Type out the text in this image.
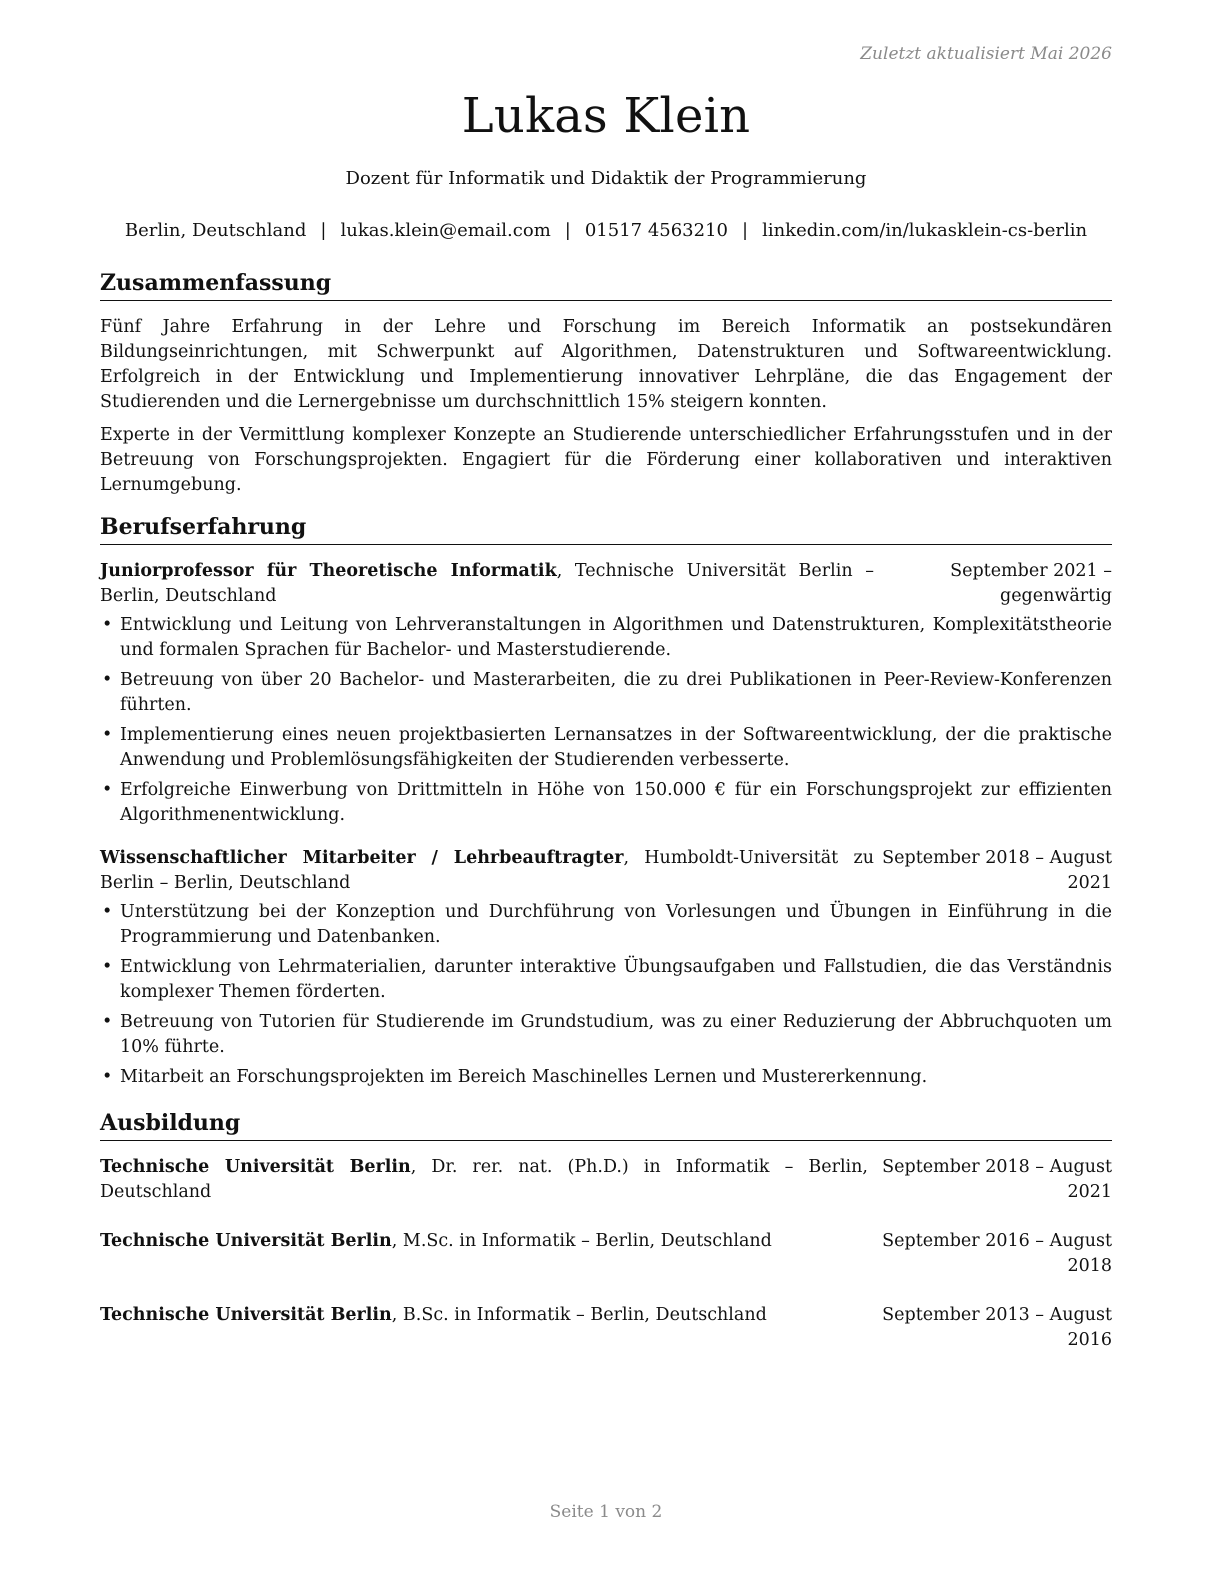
Zuletzt aktualisiert Mai 2026
Lukas Klein
Dozent für Informatik und Didaktik der Programmierung
Berlin, Deutschland | lukas.klein@email.com | 01517 4563210 | linkedin.com/in/lukasklein-cs-berlin
Zusammenfassung

Fünf Jahre Erfahrung in der Lehre und Forschung im Bereich Informatik an postsekundären Bildungseinrichtungen, mit Schwerpunkt auf Algorithmen, Datenstrukturen und Softwareentwicklung. Erfolgreich in der Entwicklung und Implementierung innovativer Lehrpläne, die das Engagement der Studierenden und die Lernergebnisse um durchschnittlich 15% steigern konnten.

Experte in der Vermittlung komplexer Konzepte an Studierende unterschiedlicher Erfahrungsstufen und in der Betreuung von Forschungsprojekten. Engagiert für die Förderung einer kollaborativen und interaktiven Lernumgebung.

Berufserfahrung
Juniorprofessor für Theoretische Informatik, Technische Universität Berlin – Berlin, Deutschland
September 2021 – gegenwärtig
• Entwicklung und Leitung von Lehrveranstaltungen in Algorithmen und Datenstrukturen, Komplexitätstheorie und formalen Sprachen für Bachelor- und Masterstudierende.
• Betreuung von über 20 Bachelor- und Masterarbeiten, die zu drei Publikationen in Peer-Review-Konferenzen führten.
• Implementierung eines neuen projektbasierten Lernansatzes in der Softwareentwicklung, der die praktische Anwendung und Problemlösungsfähigkeiten der Studierenden verbesserte.
• Erfolgreiche Einwerbung von Drittmitteln in Höhe von 150.000 € für ein Forschungsprojekt zur effizienten Algorithmenentwicklung.
Wissenschaftlicher Mitarbeiter / Lehrbeauftragter, Humboldt-Universität zu Berlin – Berlin, Deutschland
September 2018 – August 2021
• Unterstützung bei der Konzeption und Durchführung von Vorlesungen und Übungen in Einführung in die Programmierung und Datenbanken.
• Entwicklung von Lehrmaterialien, darunter interaktive Übungsaufgaben und Fallstudien, die das Verständnis komplexer Themen förderten.
• Betreuung von Tutorien für Studierende im Grundstudium, was zu einer Reduzierung der Abbruchquoten um 10% führte.
• Mitarbeit an Forschungsprojekten im Bereich Maschinelles Lernen und Mustererkennung.
Ausbildung
Technische Universität Berlin, Dr. rer. nat. (Ph.D.) in Informatik – Berlin, Deutschland
September 2018 – August 2021
Technische Universität Berlin, M.Sc. in Informatik – Berlin, Deutschland	September 2016 – August 2018
Technische Universität Berlin, B.Sc. in Informatik – Berlin, Deutschland	September 2013 – August 2016
Seite 1 von 2
